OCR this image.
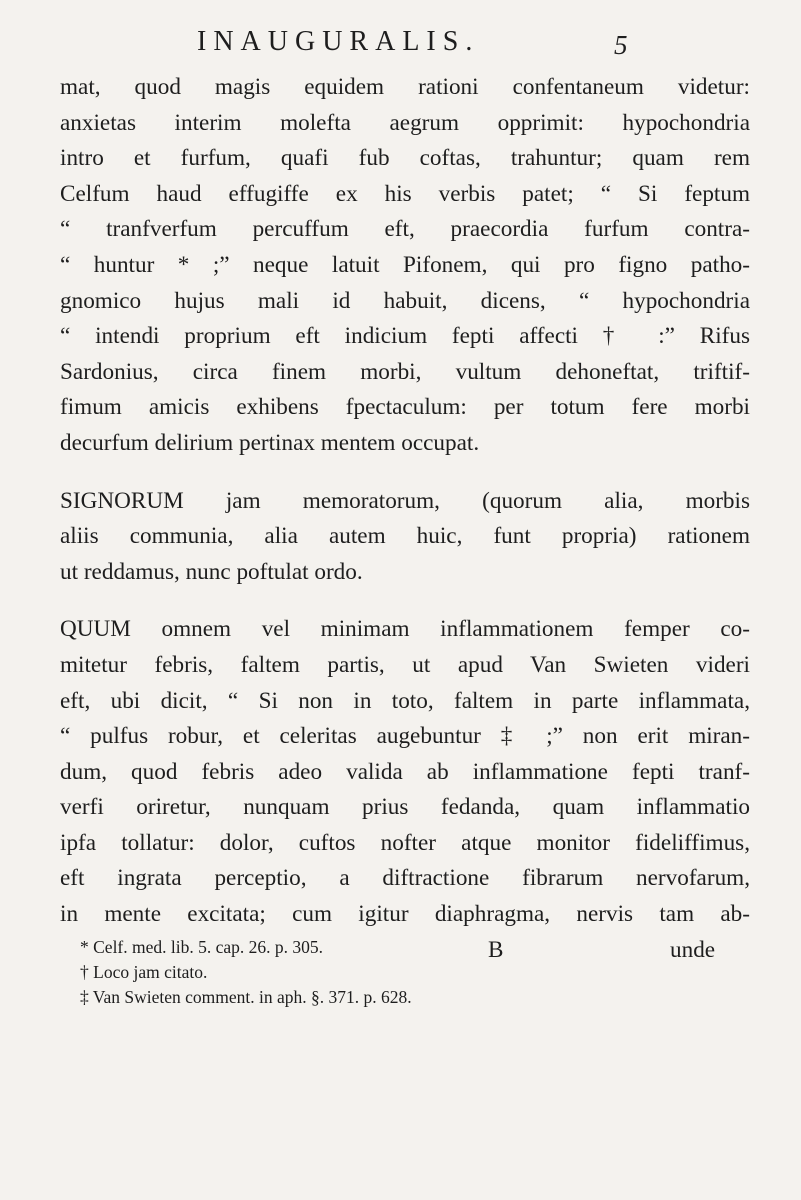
INAUGURALIS.	5
mat, quod magis equidem rationi confentaneum videtur:
anxietas interim molefta aegrum opprimit: hypochondria
intro et furfum, quafi fub coftas, trahuntur; quam rem
Celfum haud effugiffe ex his verbis patet; “ Si feptum
“ tranfverfum percuffum eft, praecordia furfum contra-
“ huntur * ;” neque latuit Pifonem, qui pro figno patho-
gnomico hujus mali id habuit, dicens, “ hypochondria
“ intendi proprium eft indicium fepti affecti † :” Rifus
Sardonius, circa finem morbi, vultum dehoneftat, triftif-
fimum amicis exhibens fpectaculum: per totum fere morbi
decurfum delirium pertinax mentem occupat.
SIGNORUM jam memoratorum, (quorum alia, morbis
aliis communia, alia autem huic, funt propria) rationem
ut reddamus, nunc poftulat ordo.
QUUM omnem vel minimam inflammationem femper co-
mitetur febris, faltem partis, ut apud Van Swieten videri
eft, ubi dicit, “ Si non in toto, faltem in parte inflammata,
“ pulfus robur, et celeritas augebuntur ‡ ;” non erit miran-
dum, quod febris adeo valida ab inflammatione fepti tranf-
verfi oriretur, nunquam prius fedanda, quam inflammatio
ipfa tollatur: dolor, cuftos nofter atque monitor fideliffimus,
eft ingrata perceptio, a diftractione fibrarum nervofarum,
in mente excitata; cum igitur diaphragma, nervis tam ab-
B	unde
* Celf. med. lib. 5. cap. 26. p. 305.
† Loco jam citato.
‡ Van Swieten comment. in aph. §. 371. p. 628.
